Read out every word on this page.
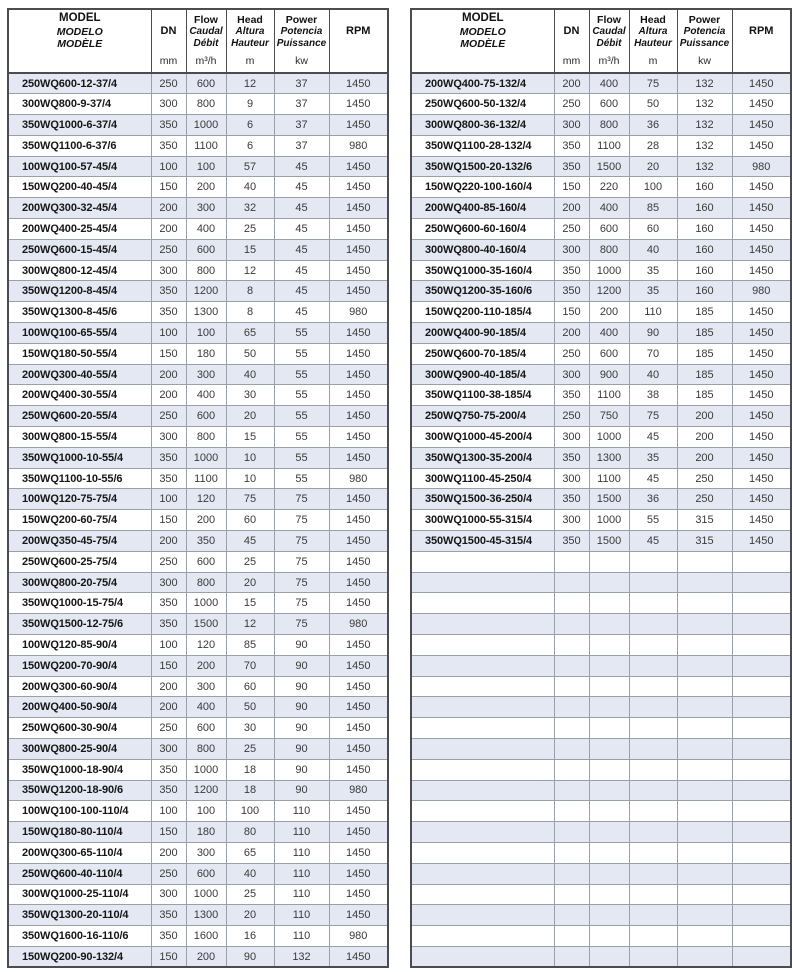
MODEL
MODELO
MODÈLE

DN
mm

Flow
Caudal
Débit
m³/h

Head
Altura
Hauteur
m

Power
Potencia
Puissance
kw

RPM

250WQ600-12-37/4	250	600	12	37	1450
300WQ800-9-37/4	300	800	9	37	1450
350WQ1000-6-37/4	350	1000	6	37	1450
350WQ1100-6-37/6	350	1100	6	37	980
100WQ100-57-45/4	100	100	57	45	1450
150WQ200-40-45/4	150	200	40	45	1450
200WQ300-32-45/4	200	300	32	45	1450
200WQ400-25-45/4	200	400	25	45	1450
250WQ600-15-45/4	250	600	15	45	1450
300WQ800-12-45/4	300	800	12	45	1450
350WQ1200-8-45/4	350	1200	8	45	1450
350WQ1300-8-45/6	350	1300	8	45	980
100WQ100-65-55/4	100	100	65	55	1450
150WQ180-50-55/4	150	180	50	55	1450
200WQ300-40-55/4	200	300	40	55	1450
200WQ400-30-55/4	200	400	30	55	1450
250WQ600-20-55/4	250	600	20	55	1450
300WQ800-15-55/4	300	800	15	55	1450
350WQ1000-10-55/4	350	1000	10	55	1450
350WQ1100-10-55/6	350	1100	10	55	980
100WQ120-75-75/4	100	120	75	75	1450
150WQ200-60-75/4	150	200	60	75	1450
200WQ350-45-75/4	200	350	45	75	1450
250WQ600-25-75/4	250	600	25	75	1450
300WQ800-20-75/4	300	800	20	75	1450
350WQ1000-15-75/4	350	1000	15	75	1450
350WQ1500-12-75/6	350	1500	12	75	980
100WQ120-85-90/4	100	120	85	90	1450
150WQ200-70-90/4	150	200	70	90	1450
200WQ300-60-90/4	200	300	60	90	1450
200WQ400-50-90/4	200	400	50	90	1450
250WQ600-30-90/4	250	600	30	90	1450
300WQ800-25-90/4	300	800	25	90	1450
350WQ1000-18-90/4	350	1000	18	90	1450
350WQ1200-18-90/6	350	1200	18	90	980
100WQ100-100-110/4	100	100	100	110	1450
150WQ180-80-110/4	150	180	80	110	1450
200WQ300-65-110/4	200	300	65	110	1450
250WQ600-40-110/4	250	600	40	110	1450
300WQ1000-25-110/4	300	1000	25	110	1450
350WQ1300-20-110/4	350	1300	20	110	1450
350WQ1600-16-110/6	350	1600	16	110	980
150WQ200-90-132/4	150	200	90	132	1450
MODEL
MODELO
MODÈLE

DN
mm

Flow
Caudal
Débit
m³/h

Head
Altura
Hauteur
m

Power
Potencia
Puissance
kw

RPM

200WQ400-75-132/4	200	400	75	132	1450
250WQ600-50-132/4	250	600	50	132	1450
300WQ800-36-132/4	300	800	36	132	1450
350WQ1100-28-132/4	350	1100	28	132	1450
350WQ1500-20-132/6	350	1500	20	132	980
150WQ220-100-160/4	150	220	100	160	1450
200WQ400-85-160/4	200	400	85	160	1450
250WQ600-60-160/4	250	600	60	160	1450
300WQ800-40-160/4	300	800	40	160	1450
350WQ1000-35-160/4	350	1000	35	160	1450
350WQ1200-35-160/6	350	1200	35	160	980
150WQ200-110-185/4	150	200	110	185	1450
200WQ400-90-185/4	200	400	90	185	1450
250WQ600-70-185/4	250	600	70	185	1450
300WQ900-40-185/4	300	900	40	185	1450
350WQ1100-38-185/4	350	1100	38	185	1450
250WQ750-75-200/4	250	750	75	200	1450
300WQ1000-45-200/4	300	1000	45	200	1450
350WQ1300-35-200/4	350	1300	35	200	1450
300WQ1100-45-250/4	300	1100	45	250	1450
350WQ1500-36-250/4	350	1500	36	250	1450
300WQ1000-55-315/4	300	1000	55	315	1450
350WQ1500-45-315/4	350	1500	45	315	1450
